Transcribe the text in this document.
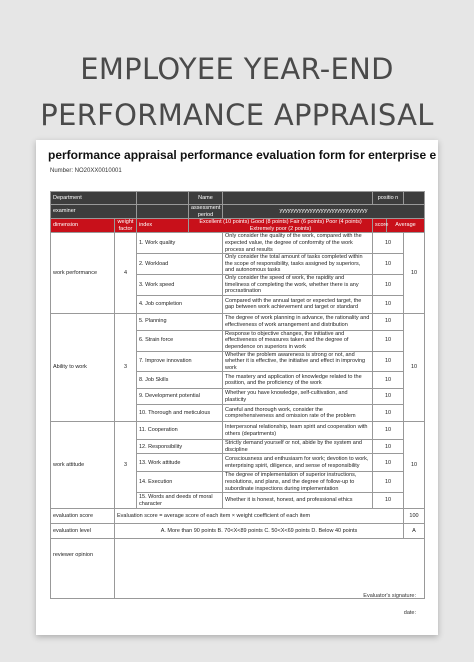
EMPLOYEE YEAR-END
PERFORMANCE APPRAISAL
performance appraisal performance evaluation form for enterprise e
Number: NO20XX0010001
Department			Name		positio n		
examiner			assessment period	yyyyyyyyyyyyyyyyyyyyyyyyyyyyyyyy			
dimension	weight factor	index	Excellent (10 points) Good (8 points) Fair (6 points) Poor (4 points) Extremely poor (2 points)		score	Average	
work performance	4	1. Work quality		Only consider the quality of the work, compared with the expected value, the degree of conformity of the work process and results	10		10
		2. Workload		Only consider the total amount of tasks completed within the scope of responsibility, tasks assigned by superiors, and autonomous tasks	10		
		3. Work speed		Only consider the speed of work, the rapidity and timeliness of completing the work, whether there is any procrastination	10		
		4. Job completion		Compared with the annual target or expected target, the gap between work achievement and target or standard	10		
Ability to work	3	5. Planning		The degree of work planning in advance, the rationality and effectiveness of work arrangement and distribution	10		10
		6. Strain force		Response to objective changes, the initiative and effectiveness of measures taken and the degree of dependence on superiors in work	10		
		7. Improve innovation		Whether the problem awareness is strong or not, and whether it is effective, the initiative and effect in improving work	10		
		8. Job Skills		The mastery and application of knowledge related to the position, and the proficiency of the work	10		
		9. Development potential		Whether you have knowledge, self-cultivation, and plasticity	10		
		10. Thorough and meticulous		Careful and thorough work, consider the comprehensiveness and omission rate of the problem	10		
work attitude	3	11. Cooperation		Interpersonal relationship, team spirit and cooperation with others (departments)	10		10
		12. Responsibility		Strictly demand yourself or not, abide by the system and discipline	10		
		13. Work attitude		Consciousness and enthusiasm for work; devotion to work, enterprising spirit, diligence, and sense of responsibility	10		
		14. Execution		The degree of implementation of superior instructions, resolutions, and plans, and the degree of follow-up to subordinate inspections during implementation	10		
		15. Words and deeds of moral character		Whether it is honest, honest, and professional ethics	10		
evaluation score	Evaluation score = average score of each item × weight coefficient of each item						100
evaluation level	A. More than 90 points B. 70<X<89 points C. 50<X<69 points D. Below 40 points						A
reviewer opinion							
Evaluator's signature:
date:
